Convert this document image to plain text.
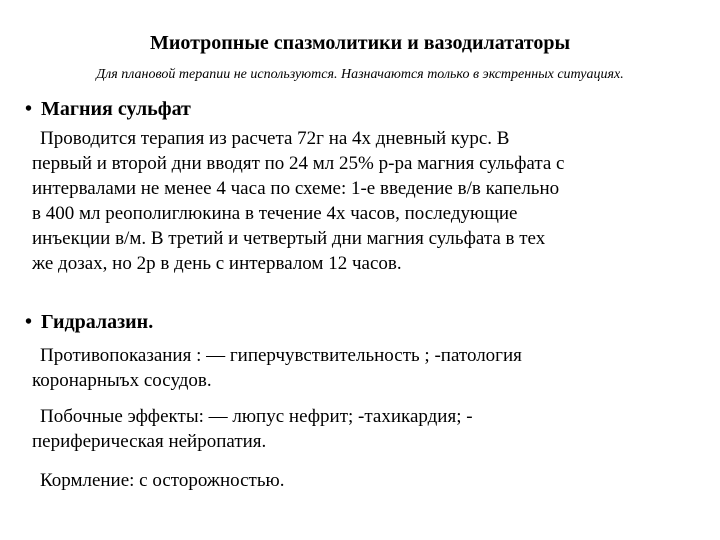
Миотропные спазмолитики и вазодилататоры
Для плановой терапии не используются. Назначаются только в экстренных ситуациях.
• Магния сульфат
Проводится терапия из расчета 72г на 4х дневный курс. В
первый и второй дни вводят по 24 мл 25% р-ра магния сульфата с
интервалами не менее 4 часа по схеме: 1-е введение в/в капельно
в 400 мл реополиглюкина в течение 4х часов, последующие
инъекции в/м. В третий и четвертый дни магния сульфата в тех
же дозах, но 2р в день с интервалом 12 часов.
• Гидралазин.
Противопоказания : — гиперчувствительность ; -патология
коронарныъх сосудов.
Побочные эффекты: — люпус нефрит; -тахикардия; -
периферическая нейропатия.
Кормление: с осторожностью.
